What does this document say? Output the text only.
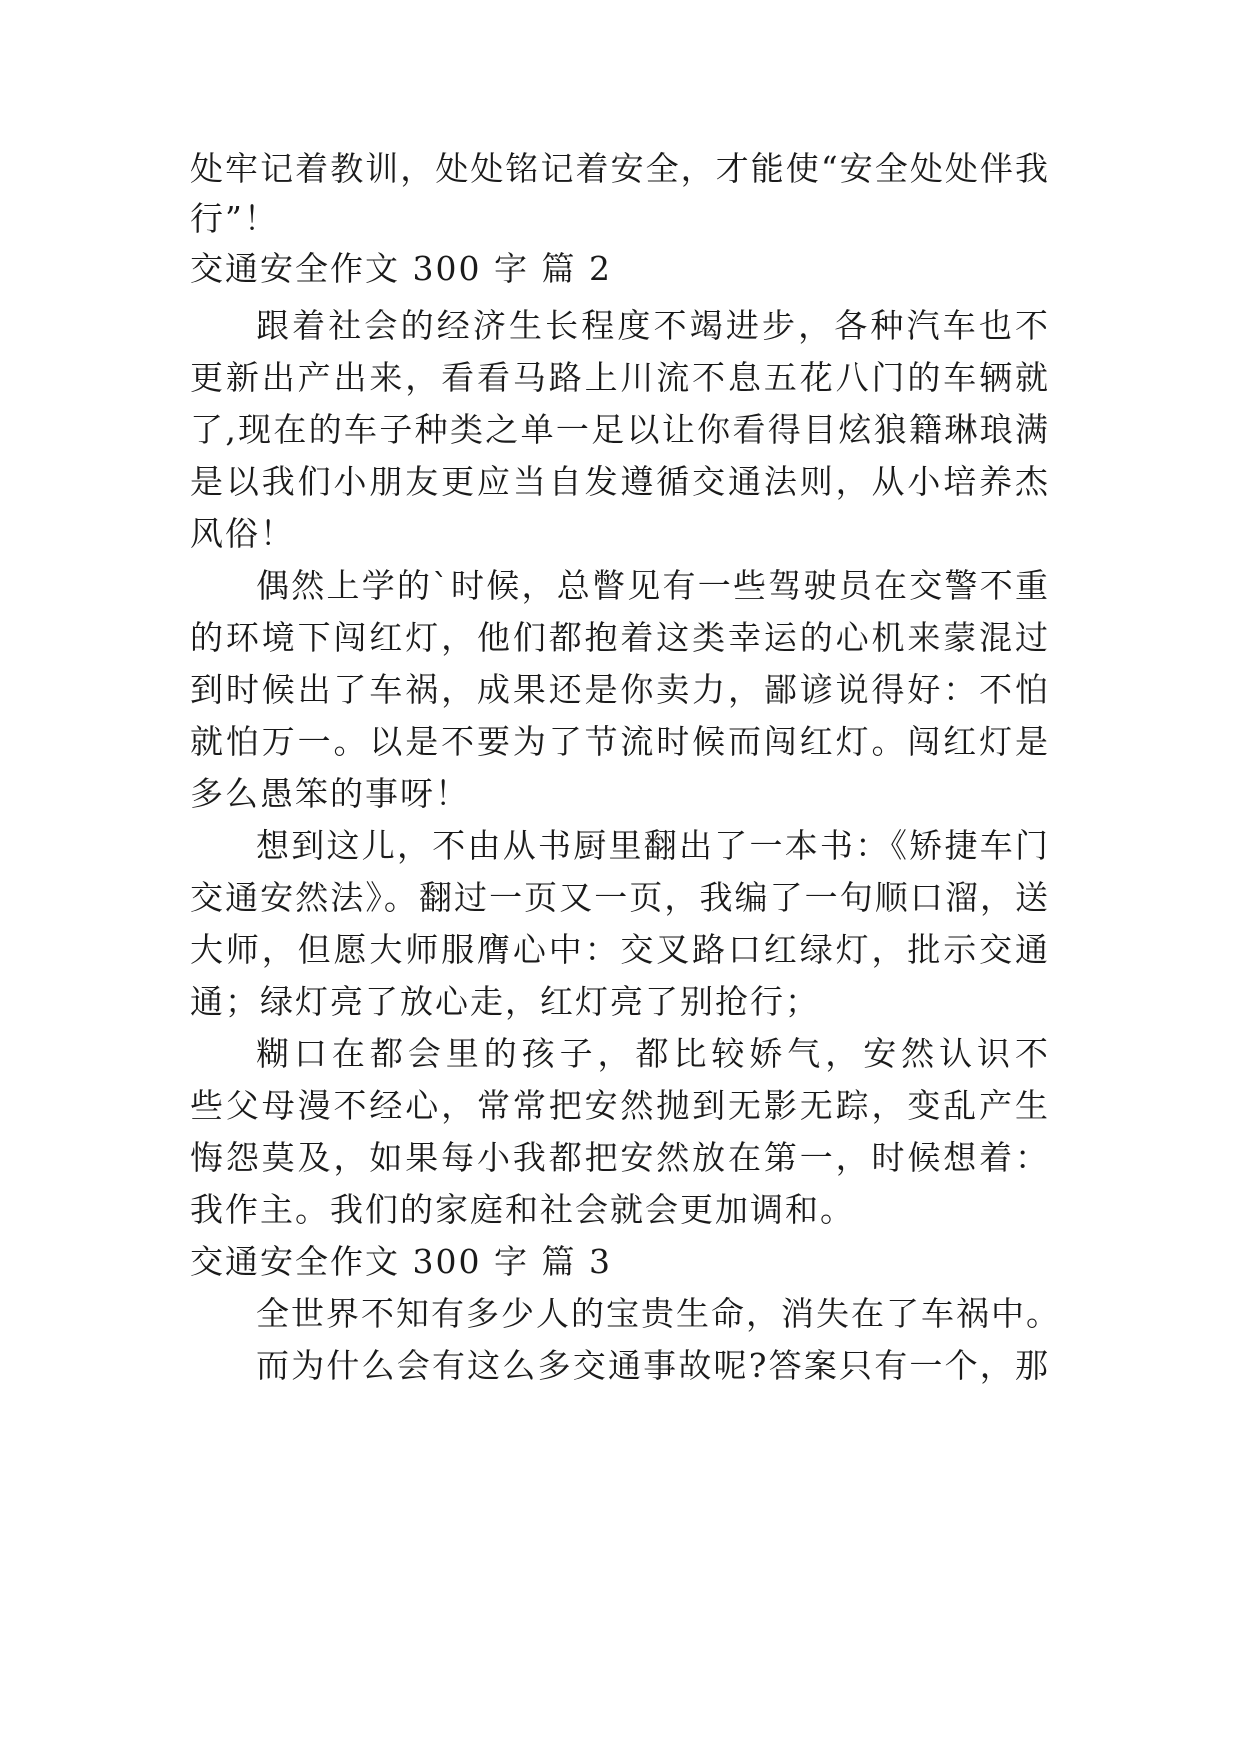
处牢记着教训，处处铭记着安全，才能使“安全处处伴我
行”！
交通安全作文 300 字 篇 2
跟着社会的经济生长程度不竭进步，各种汽车也不
更新出产出来，看看马路上川流不息五花八门的车辆就
了,现在的车子种类之单一足以让你看得目炫狼籍琳琅满
是以我们小朋友更应当自发遵循交通法则，从小培养杰
风俗！
偶然上学的`时候，总瞥见有一些驾驶员在交警不重
的环境下闯红灯，他们都抱着这类幸运的心机来蒙混过
到时候出了车祸，成果还是你卖力，鄙谚说得好：不怕
就怕万一。以是不要为了节流时候而闯红灯。闯红灯是
多么愚笨的事呀！
想到这儿，不由从书厨里翻出了一本书：《矫捷车门
交通安然法》。翻过一页又一页，我编了一句顺口溜，送
大师，但愿大师服膺心中：交叉路口红绿灯，批示交通
通；绿灯亮了放心走，红灯亮了别抢行；
糊口在都会里的孩子，都比较娇气，安然认识不
些父母漫不经心，常常把安然抛到无影无踪，变乱产生
悔怨莫及，如果每小我都把安然放在第一，时候想着：
我作主。我们的家庭和社会就会更加调和。
交通安全作文 300 字 篇 3
全世界不知有多少人的宝贵生命，消失在了车祸中。
而为什么会有这么多交通事故呢?答案只有一个，那
